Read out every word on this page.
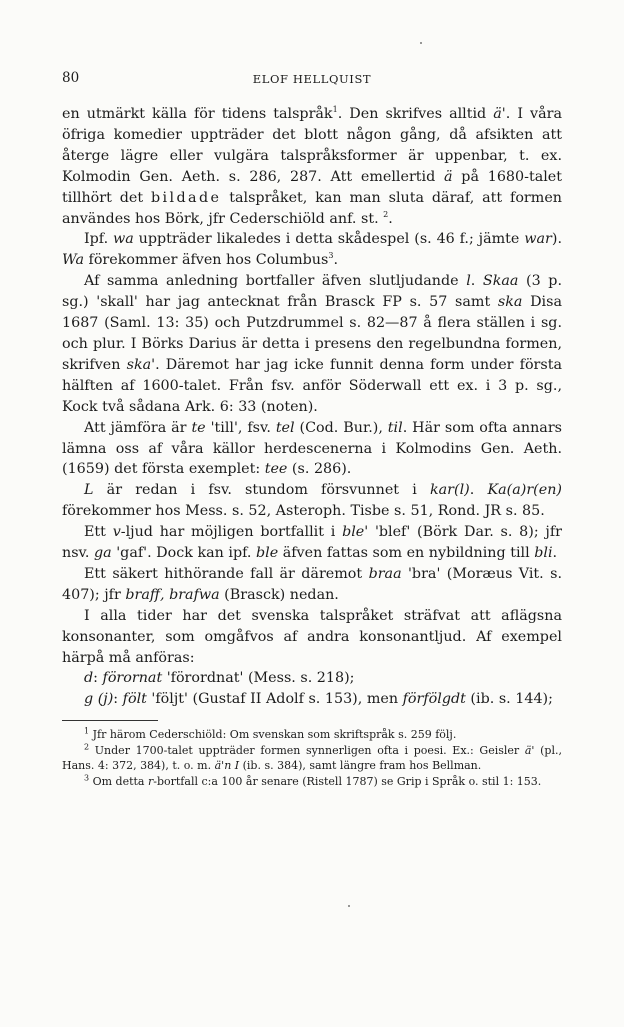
80	ELOF HELLQUIST

en utmärkt källa för tidens talspråk$^1$. Den skrifves alltid ä'. I våra öfriga komedier uppträder det blott någon gång, då afsikten att återge lägre eller vulgära talspråksformer är uppenbar, t. ex. Kolmodin Gen. Aeth. s. 286, 287. Att emellertid ä på 1680-talet tillhört det bildade talspråket, kan man sluta däraf, att formen användes hos Börk, jfr Cederschiöld anf. st. $^2$.

Ipf. wa uppträder likaledes i detta skådespel (s. 46 f.; jämte war). Wa förekommer äfven hos Columbus$^3$.

Af samma anledning bortfaller äfven slutljudande l. Skaa (3 p. sg.) 'skall' har jag antecknat från Brasck FP s. 57 samt ska Disa 1687 (Saml. 13: 35) och Putzdrummel s. 82—87 å flera ställen i sg. och plur. I Börks Darius är detta i presens den regelbundna formen, skrifven ska'. Däremot har jag icke funnit denna form under första hälften af 1600-talet. Från fsv. anför Söderwall ett ex. i 3 p. sg., Kock två sådana Ark. 6: 33 (noten).

Att jämföra är te 'till', fsv. tel (Cod. Bur.), til. Här som ofta annars lämna oss af våra källor herdescenerna i Kolmodins Gen. Aeth. (1659) det första exemplet: tee (s. 286).

L är redan i fsv. stundom försvunnet i kar(l). Ka(a)r(en) förekommer hos Mess. s. 52, Asteroph. Tisbe s. 51, Rond. JR s. 85.

Ett v-ljud har möjligen bortfallit i ble' 'blef' (Börk Dar. s. 8); jfr nsv. ga 'gaf'. Dock kan ipf. ble äfven fattas som en nybildning till bli.

Ett säkert hithörande fall är däremot braa 'bra' (Moræus Vit. s. 407); jfr braff, brafwa (Brasck) nedan.

I alla tider har det svenska talspråket sträfvat att aflägsna konsonanter, som omgåfvos af andra konsonantljud. Af exempel härpå må anföras:

d: förornat 'förordnat' (Mess. s. 218);

g (j): fölt 'följt' (Gustaf II Adolf s. 153), men förfölgdt (ib. s. 144);

$^1$ Jfr härom Cederschiöld: Om svenskan som skriftspråk s. 259 följ.

$^2$ Under 1700-talet uppträder formen synnerligen ofta i poesi. Ex.: Geisler ä' (pl., Hans. 4: 372, 384), t. o. m. ä'n I (ib. s. 384), samt längre fram hos Bellman.

$^3$ Om detta r-bortfall c:a 100 år senare (Ristell 1787) se Grip i Språk o. stil 1: 153.
